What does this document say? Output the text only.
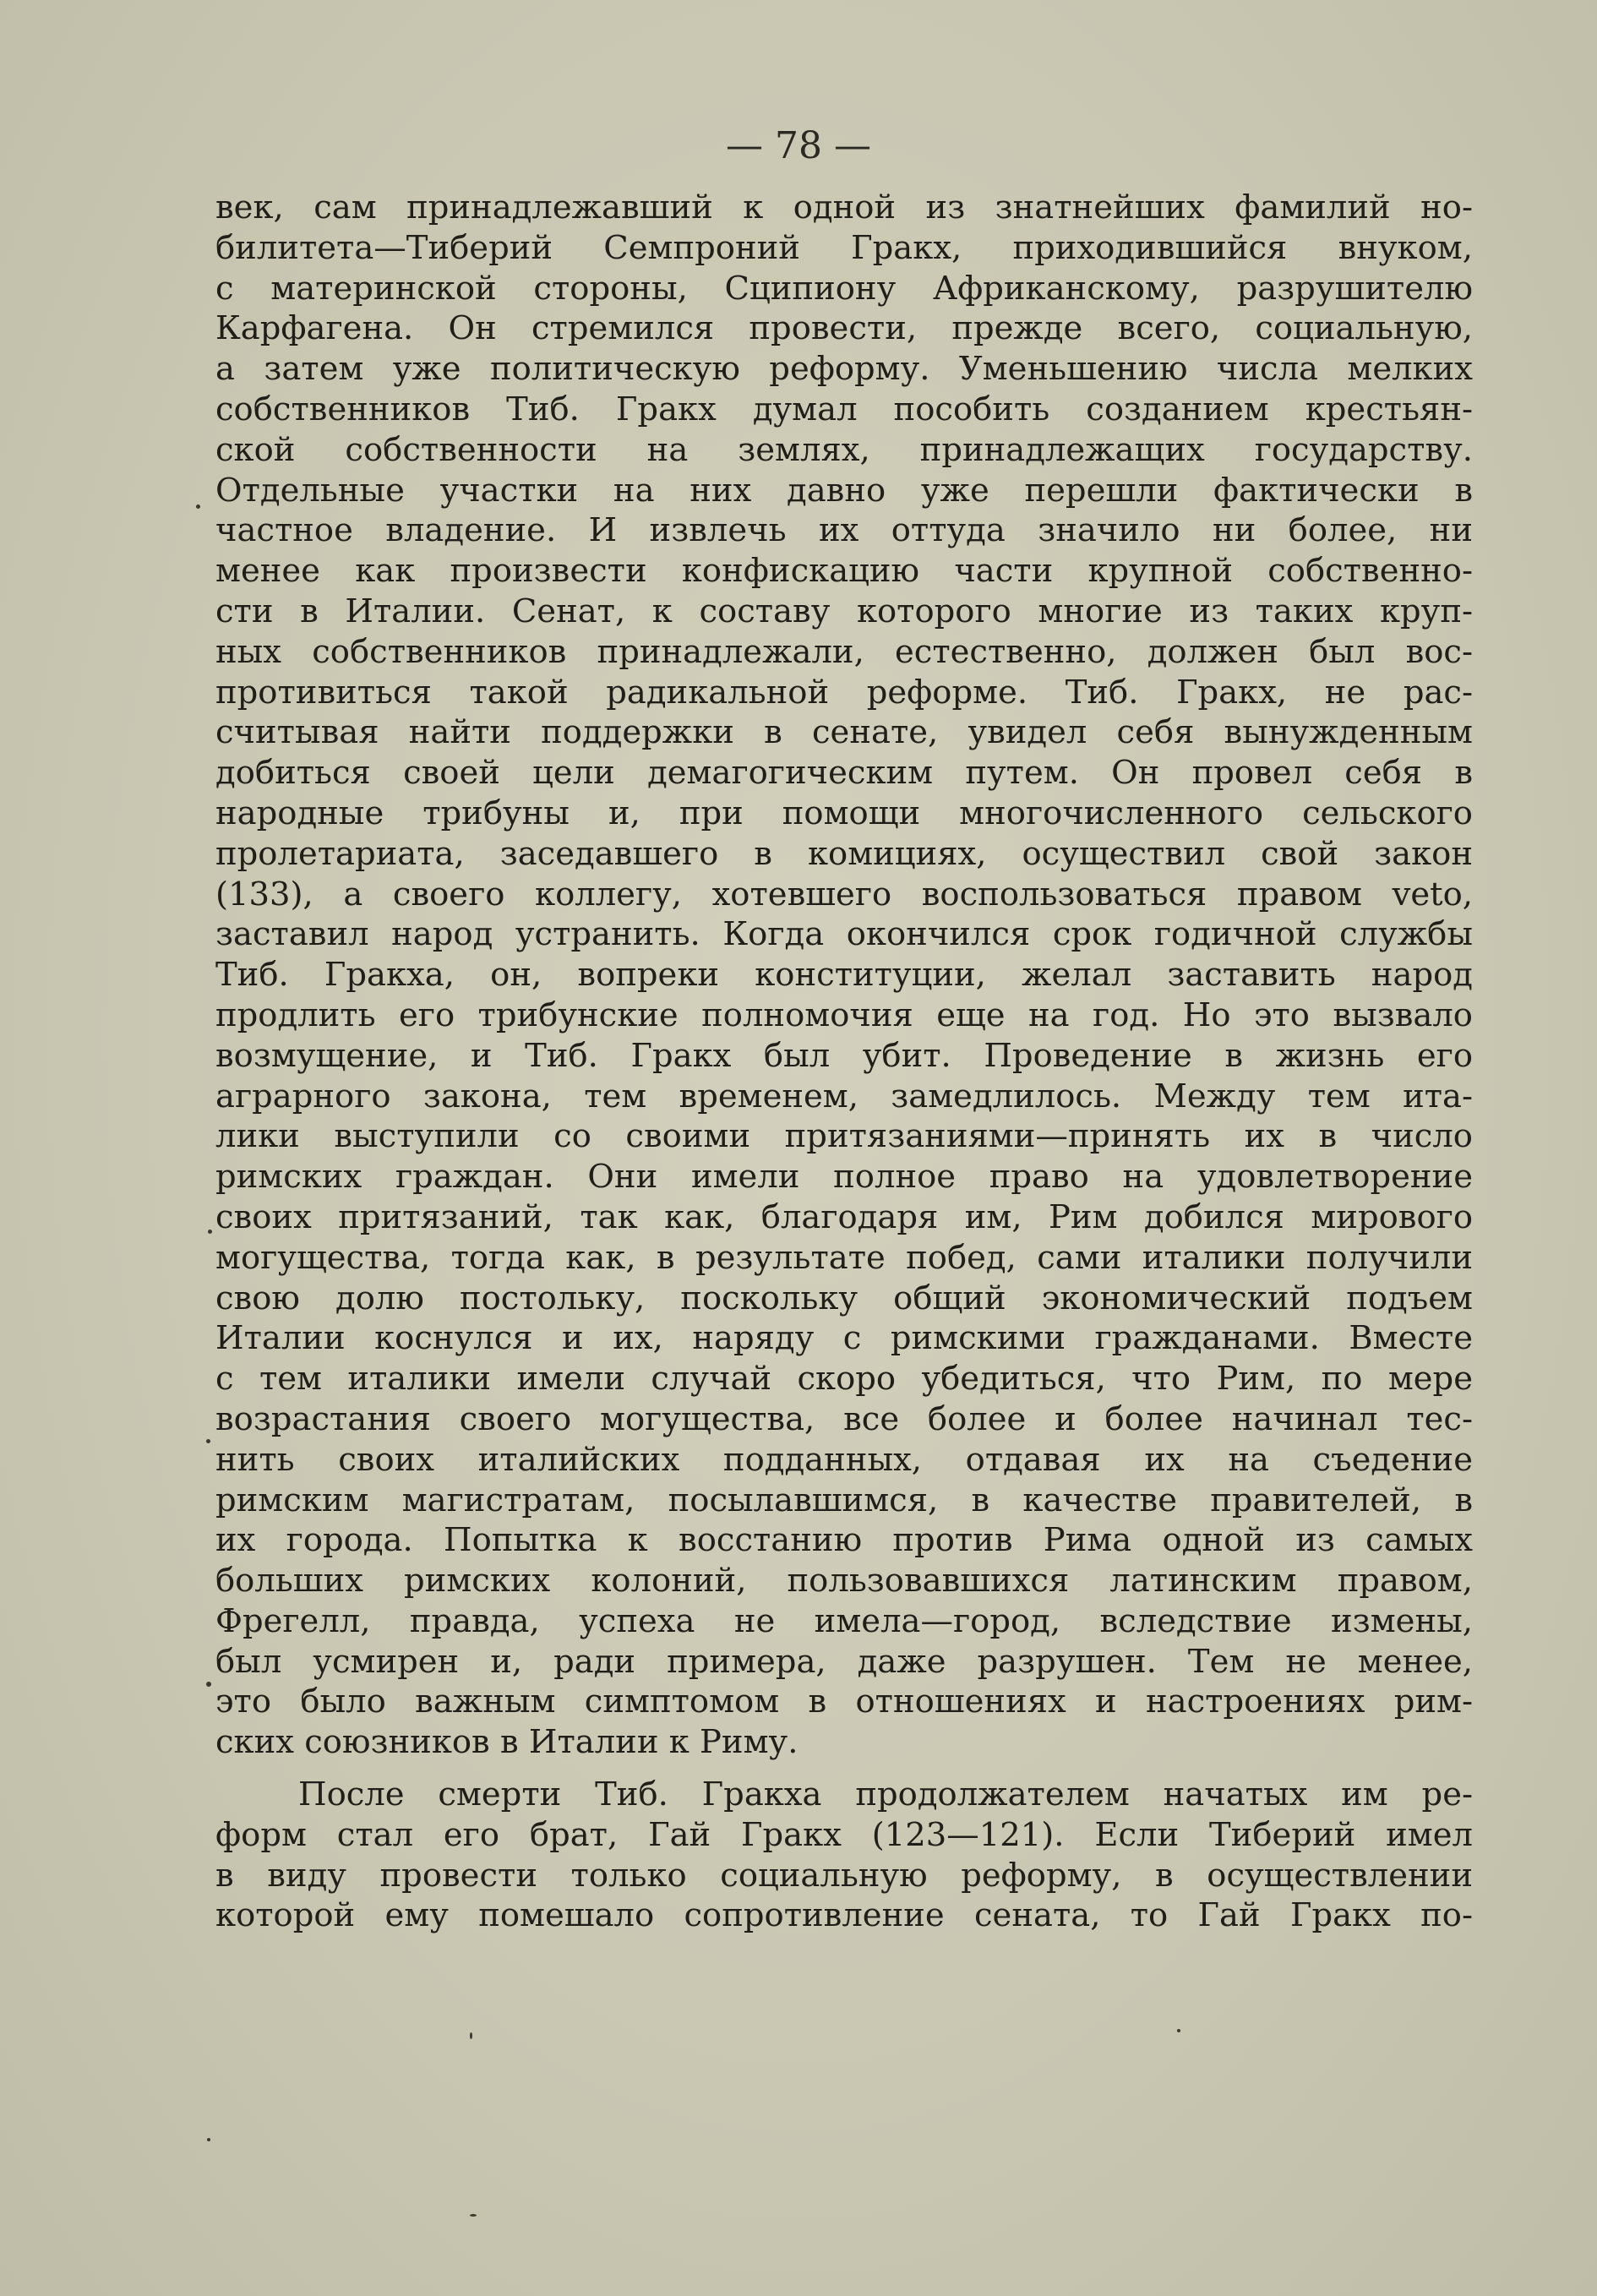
— 78 —
век, сам принадлежавший к одной из знатнейших фамилий но-
билитета—Тиберий Семпроний Гракх, приходившийся внуком,
с материнской стороны, Сципиону Африканскому, разрушителю
Карфагена. Он стремился провести, прежде всего, социальную,
а затем уже политическую реформу. Уменьшению числа мелких
собственников Тиб. Гракх думал пособить созданием крестьян-
ской собственности на землях, принадлежащих государству.
Отдельные участки на них давно уже перешли фактически в
частное владение. И извлечь их оттуда значило ни более, ни
менее как произвести конфискацию части крупной собственно-
сти в Италии. Сенат, к составу которого многие из таких круп-
ных собственников принадлежали, естественно, должен был вос-
противиться такой радикальной реформе. Тиб. Гракх, не рас-
считывая найти поддержки в сенате, увидел себя вынужденным
добиться своей цели демагогическим путем. Он провел себя в
народные трибуны и, при помощи многочисленного сельского
пролетариата, заседавшего в комициях, осуществил свой закон
(133), а своего коллегу, хотевшего воспользоваться правом veto,
заставил народ устранить. Когда окончился срок годичной службы
Тиб. Гракха, он, вопреки конституции, желал заставить народ
продлить его трибунские полномочия еще на год. Но это вызвало
возмущение, и Тиб. Гракх был убит. Проведение в жизнь его
аграрного закона, тем временем, замедлилось. Между тем ита-
лики выступили со своими притязаниями—принять их в число
римских граждан. Они имели полное право на удовлетворение
своих притязаний, так как, благодаря им, Рим добился мирового
могущества, тогда как, в результате побед, сами италики получили
свою долю постольку, поскольку общий экономический подъем
Италии коснулся и их, наряду с римскими гражданами. Вместе
с тем италики имели случай скоро убедиться, что Рим, по мере
возрастания своего могущества, все более и более начинал тес-
нить своих италийских подданных, отдавая их на съедение
римским магистратам, посылавшимся, в качестве правителей, в
их города. Попытка к восстанию против Рима одной из самых
больших римских колоний, пользовавшихся латинским правом,
Фрегелл, правда, успеха не имела—город, вследствие измены,
был усмирен и, ради примера, даже разрушен. Тем не менее,
это было важным симптомом в отношениях и настроениях рим-
ских союзников в Италии к Риму.
После смерти Тиб. Гракха продолжателем начатых им ре-
форм стал его брат, Гай Гракх (123—121). Если Тиберий имел
в виду провести только социальную реформу, в осуществлении
которой ему помешало сопротивление сената, то Гай Гракх по-
